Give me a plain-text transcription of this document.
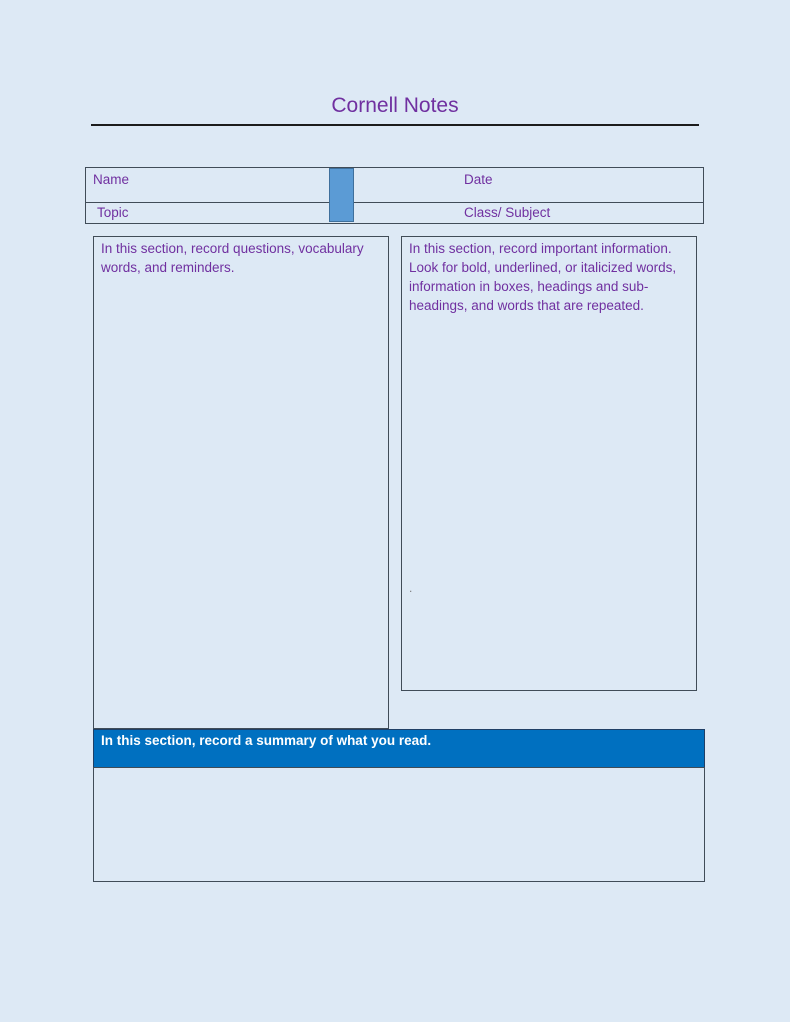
Cornell Notes
Name	Date
Topic	Class/ Subject
In this section, record questions, vocabulary words, and reminders.
In this section, record important information. Look for bold, underlined, or italicized words, information in boxes, headings and sub-headings, and words that are repeated.
.
In this section, record a summary of what you read.
